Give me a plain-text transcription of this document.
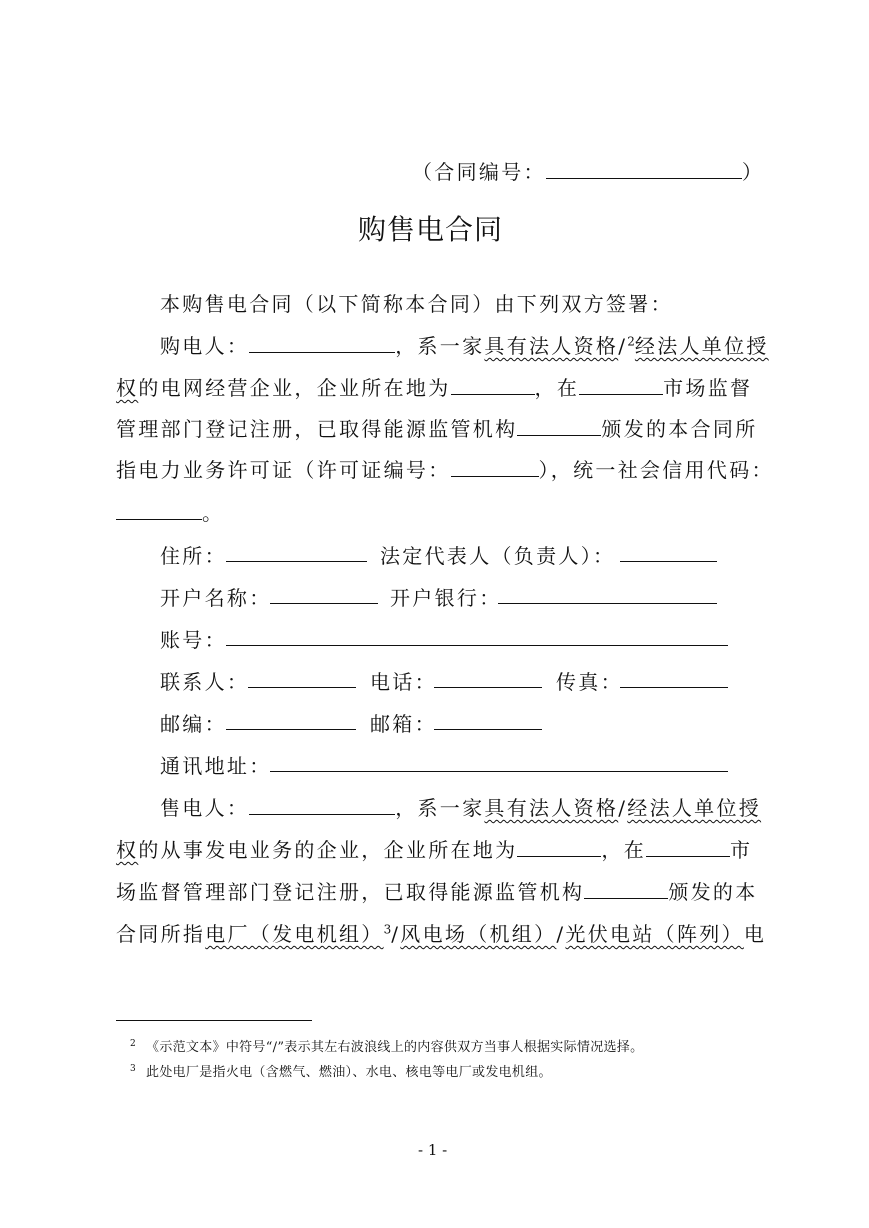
（合同编号：	）
购售电合同
本购售电合同（以下简称本合同）由下列双方签署：
购电人：	，系一家具有法人资格/$^2$经法人单位授
权的电网经营企业，企业所在地为	，在	市场监督
管理部门登记注册，已取得能源监管机构	颁发的本合同所
指电力业务许可证（许可证编号：	），统一社会信用代码：
。
住所：	法定代表人（负责人）：
开户名称：	开户银行：
账号：
联系人：	电话：	传真：
邮编：	邮箱：
通讯地址：
售电人：	，系一家具有法人资格/经法人单位授
权的从事发电业务的企业，企业所在地为	，在	市
场监督管理部门登记注册，已取得能源监管机构	颁发的本
合同所指电厂（发电机组）$^3$/风电场（机组）/光伏电站（阵列）电
$^2$ 《示范文本》中符号“/”表示其左右波浪线上的内容供双方当事人根据实际情况选择。
$^3$ 此处电厂是指火电（含燃气、燃油）、水电、核电等电厂或发电机组。
- 1 -
